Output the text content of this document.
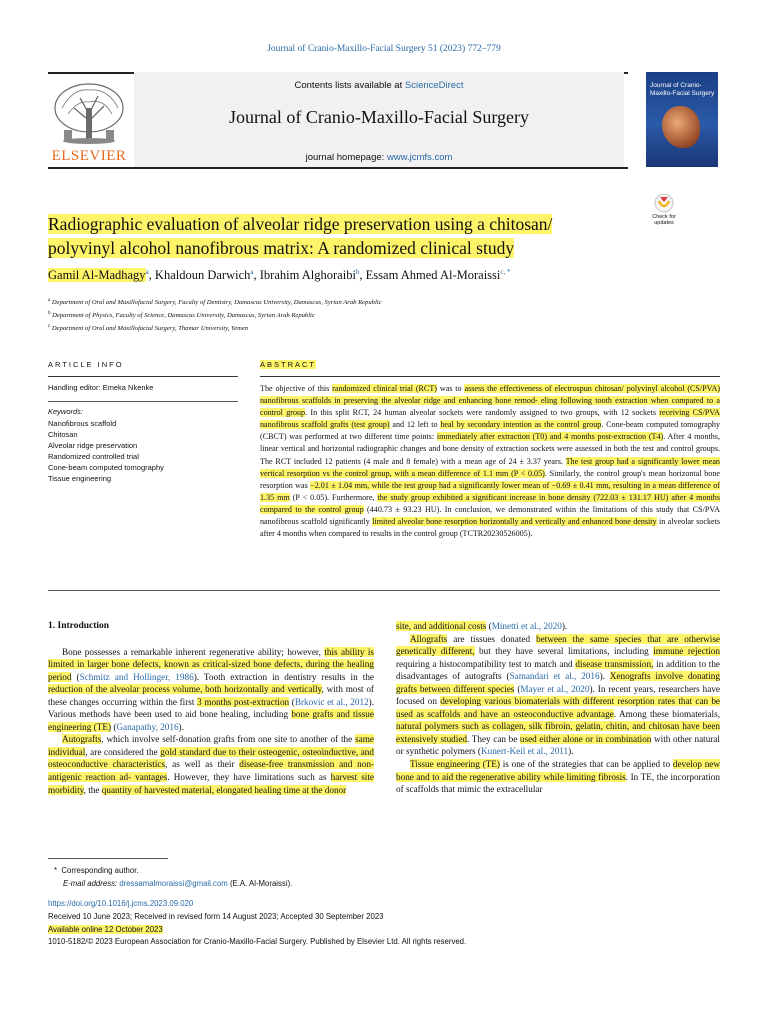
Journal of Cranio-Maxillo-Facial Surgery 51 (2023) 772–779
ELSEVIER
Contents lists available at ScienceDirect
Journal of Cranio-Maxillo-Facial Surgery
journal homepage: www.jcmfs.com
Journal of Cranio-Maxillo-Facial Surgery
Check for updates
Radiographic evaluation of alveolar ridge preservation using a chitosan/
polyvinyl alcohol nanofibrous matrix: A randomized clinical study
Gamil Al-Madhagy$^a$, Khaldoun Darwich$^a$, Ibrahim Alghoraibi$^b$, Essam Ahmed Al-Moraissi$^{c, *}$
$^a$ Department of Oral and Maxillofacial Surgery, Faculty of Dentistry, Damascus University, Damascus, Syrian Arab Republic
$^b$ Department of Physics, Faculty of Science, Damascus University, Damascus, Syrian Arab Republic
$^c$ Department of Oral and Maxillofacial Surgery, Thamar University, Yemen
ARTICLE INFO
Handling editor: Emeka Nkenke
Keywords:
Nanofibrous scaffold
Chitosan
Alveolar ridge preservation
Randomized controlled trial
Cone-beam computed tomography
Tissue engineering
ABSTRACT
The objective of this randomized clinical trial (RCT) was to assess the effectiveness of electrospun chitosan/ polyvinyl alcohol (CS/PVA) nanofibrous scaffolds in preserving the alveolar ridge and enhancing bone remod- eling following tooth extraction when compared to a control group. In this split RCT, 24 human alveolar sockets were randomly assigned to two groups, with 12 sockets receiving CS/PVA nanofibrous scaffold grafts (test group) and 12 left to heal by secondary intention as the control group. Cone-beam computed tomography (CBCT) was performed at two different time points: immediately after extraction (T0) and 4 months post-extraction (T4). After 4 months, linear vertical and horizontal radiographic changes and bone density of extraction sockets were assessed in both the test and control groups. The RCT included 12 patients (4 male and 8 female) with a mean age of 24 ± 3.37 years. The test group had a significantly lower mean vertical resorption vs the control group, with a mean difference of 1.1 mm (P < 0.05). Similarly, the control group's mean horizontal bone resorption was −2.01 ± 1.04 mm, while the test group had a significantly lower mean of −0.69 ± 0.41 mm, resulting in a mean difference of 1.35 mm (P < 0.05). Furthermore, the study group exhibited a significant increase in bone density (722.03 ± 131.17 HU) after 4 months compared to the control group (440.73 ± 93.23 HU). In conclusion, we demonstrated within the limitations of this study that CS/PVA nanofibrous scaffold significantly limited alveolar bone resorption horizontally and vertically and enhanced bone density in alveolar sockets after 4 months when compared to results in the control group (TCTR20230526005).

1. Introduction

Bone possesses a remarkable inherent regenerative ability; however, this ability is limited in larger bone defects, known as critical-sized bone defects, during the healing period (Schmitz and Hollinger, 1986). Tooth extraction in dentistry results in the reduction of the alveolar process volume, both horizontally and vertically, with most of these changes occurring within the first 3 months post-extraction (Brkovic et al., 2012). Various methods have been used to aid bone healing, including bone grafts and tissue engineering (TE) (Ganapathy, 2016).

Autografts, which involve self-donation grafts from one site to another of the same individual, are considered the gold standard due to their osteogenic, osteoinductive, and osteoconductive characteristics, as well as their disease-free transmission and non-antigenic reaction ad- vantages. However, they have limitations such as harvest site morbidity, the quantity of harvested material, elongated healing time at the donor

site, and additional costs (Minetti et al., 2020).

Allografts are tissues donated between the same species that are otherwise genetically different, but they have several limitations, including immune rejection requiring a histocompatibility test to match and disease transmission, in addition to the disadvantages of autografts (Samandari et al., 2016). Xenografts involve donating grafts between different species (Mayer et al., 2020). In recent years, researchers have focused on developing various biomaterials with different resorption rates that can be used as scaffolds and have an osteoconductive advantage. Among these biomaterials, natural polymers such as collagen, silk fibroin, gelatin, chitin, and chitosan have been extensively studied. They can be used either alone or in combination with other natural or synthetic polymers (Kunert-Keil et al., 2011).

Tissue engineering (TE) is one of the strategies that can be applied to develop new bone and to aid the regenerative ability while limiting fibrosis. In TE, the incorporation of scaffolds that mimic the extracellular

*  Corresponding author.
E-mail address: dressamalmoraissi@gmail.com (E.A. Al-Moraissi).
https://doi.org/10.1016/j.jcms.2023.09.020
Received 10 June 2023; Received in revised form 14 August 2023; Accepted 30 September 2023
Available online 12 October 2023
1010-5182/© 2023 European Association for Cranio-Maxillo-Facial Surgery. Published by Elsevier Ltd. All rights reserved.
